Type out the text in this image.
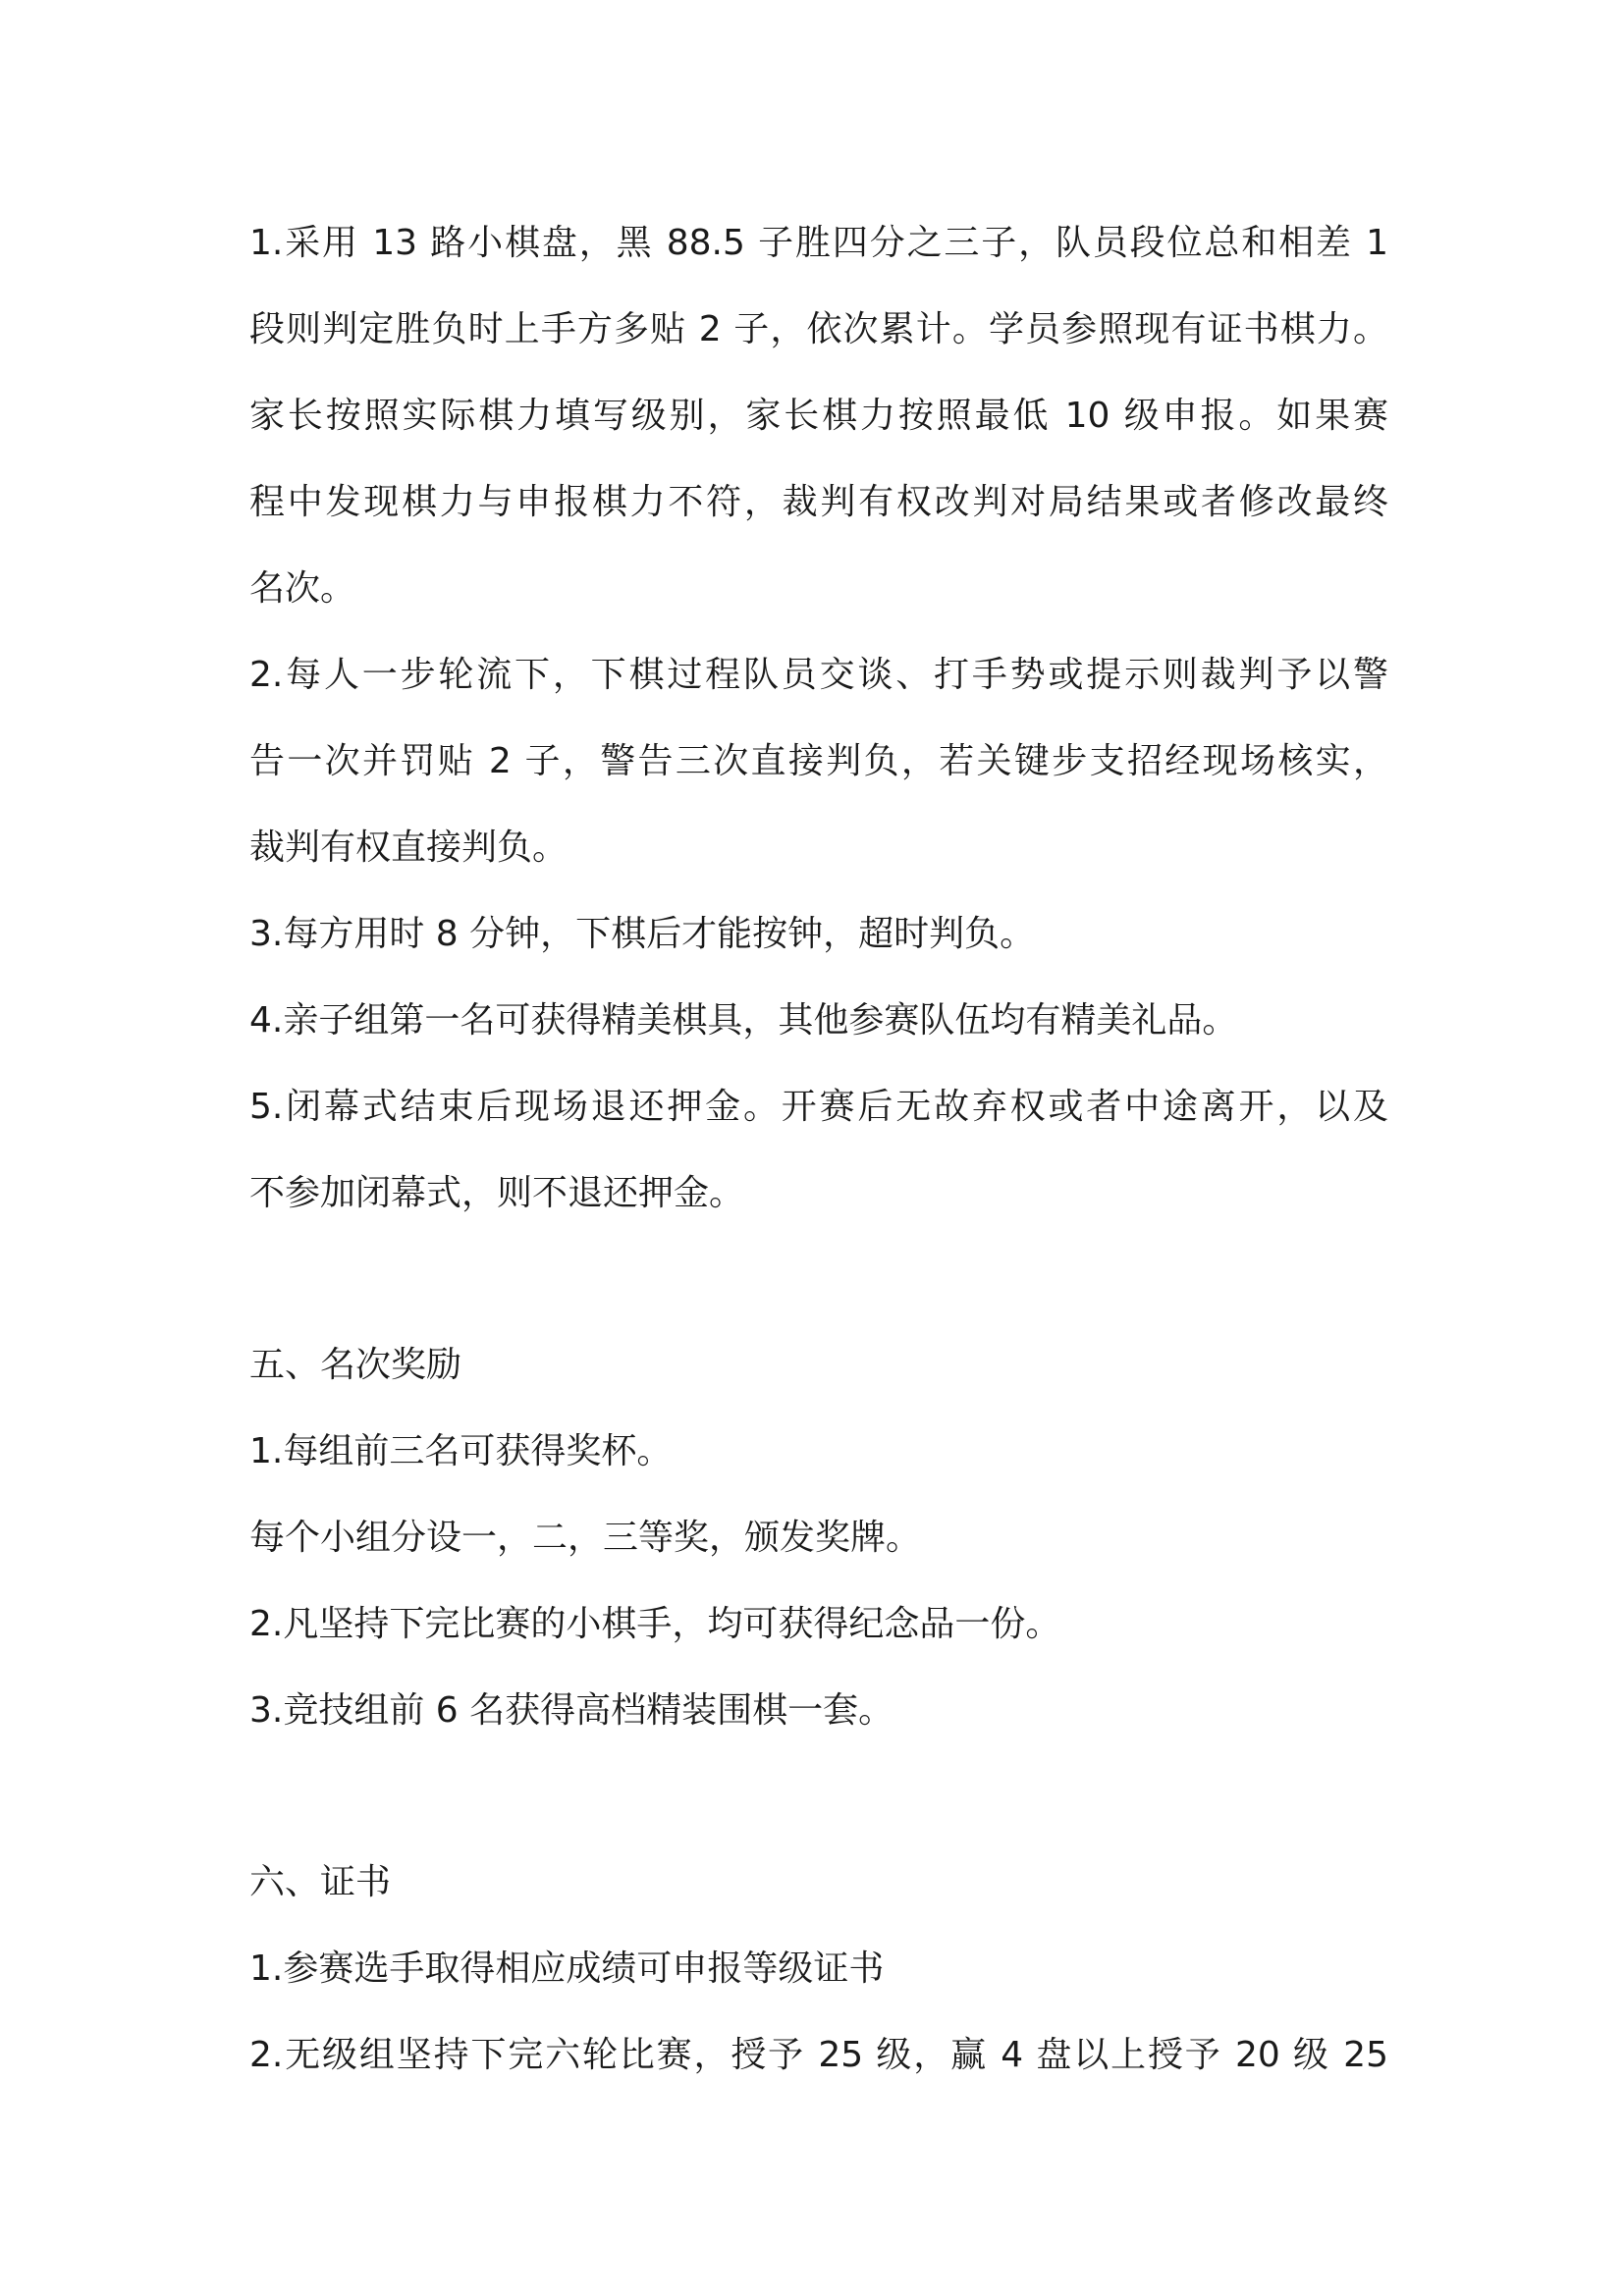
1.采用 13 路小棋盘，黑 88.5 子胜四分之三子，队员段位总和相差 1
段则判定胜负时上手方多贴 2 子，依次累计。学员参照现有证书棋力。
家长按照实际棋力填写级别，家长棋力按照最低 10 级申报。如果赛
程中发现棋力与申报棋力不符，裁判有权改判对局结果或者修改最终
名次。
2.每人一步轮流下，下棋过程队员交谈、打手势或提示则裁判予以警
告一次并罚贴 2 子，警告三次直接判负，若关键步支招经现场核实，
裁判有权直接判负。
3.每方用时 8 分钟，下棋后才能按钟，超时判负。
4.亲子组第一名可获得精美棋具，其他参赛队伍均有精美礼品。
5.闭幕式结束后现场退还押金。开赛后无故弃权或者中途离开，以及
不参加闭幕式，则不退还押金。
五、名次奖励
1.每组前三名可获得奖杯。
每个小组分设一，二，三等奖，颁发奖牌。
2.凡坚持下完比赛的小棋手，均可获得纪念品一份。
3.竞技组前 6 名获得高档精装围棋一套。
六、证书
1.参赛选手取得相应成绩可申报等级证书
2.无级组坚持下完六轮比赛，授予 25 级，赢 4 盘以上授予 20 级 25
